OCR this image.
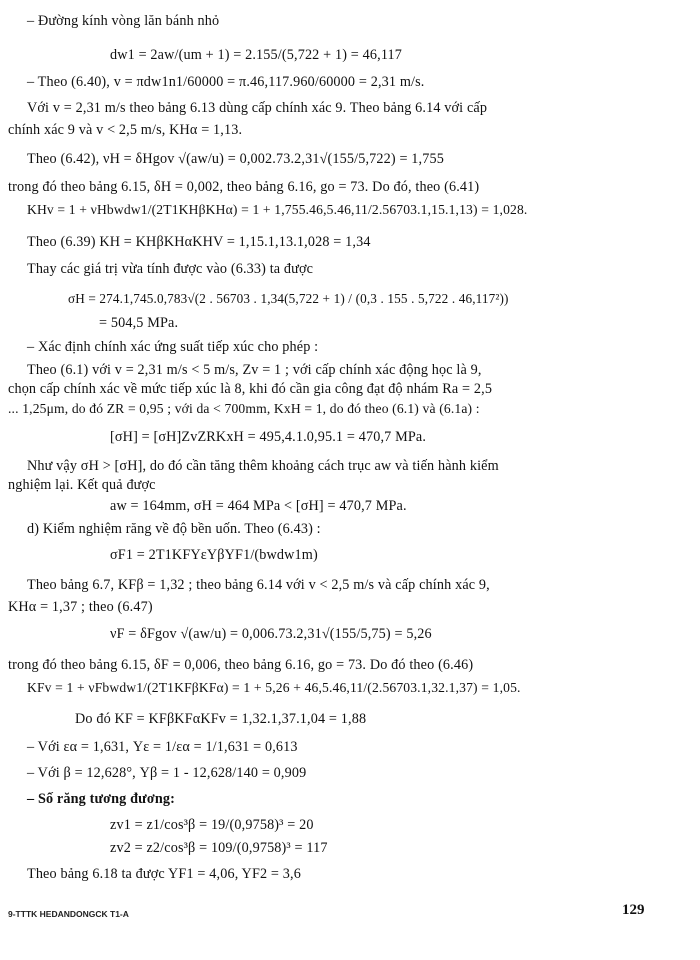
– Đường kính vòng lăn bánh nhỏ
dw1 = 2aw/(um + 1) = 2.155/(5,722 + 1) = 46,117
– Theo (6.40), v = πdw1n1/60000 = π.46,117.960/60000 = 2,31 m/s.
Với v = 2,31 m/s theo bảng 6.13 dùng cấp chính xác 9. Theo bảng 6.14 với cấp
chính xác 9 và v < 2,5 m/s, KHα = 1,13.
Theo (6.42), νH = δHgov √(aw/u) = 0,002.73.2,31√(155/5,722) = 1,755
trong đó theo bảng 6.15, δH = 0,002, theo bảng 6.16, go = 73. Do đó, theo (6.41)
KHv = 1 + νHbwdw1/(2T1KHβKHα) = 1 + 1,755.46,5.46,11/2.56703.1,15.1,13) = 1,028.
Theo (6.39) KH = KHβKHαKHV = 1,15.1,13.1,028 = 1,34
Thay các giá trị vừa tính được vào (6.33) ta được
σH = 274.1,745.0,783√(2 . 56703 . 1,34(5,722 + 1) / (0,3 . 155 . 5,722 . 46,117²))
= 504,5 MPa.
– Xác định chính xác ứng suất tiếp xúc cho phép :
Theo (6.1) với v = 2,31 m/s < 5 m/s, Zv = 1 ; với cấp chính xác động học là 9,
chọn cấp chính xác về mức tiếp xúc là 8, khi đó cần gia công đạt độ nhám Ra = 2,5
... 1,25μm, do đó ZR = 0,95 ; với da < 700mm, KxH = 1, do đó theo (6.1) và (6.1a) :
[σH] = [σH]ZvZRKxH = 495,4.1.0,95.1 = 470,7 MPa.
Như vậy σH > [σH], do đó cần tăng thêm khoảng cách trục aw và tiến hành kiểm
nghiệm lại. Kết quả được
aw = 164mm, σH = 464 MPa < [σH] = 470,7 MPa.
d) Kiểm nghiệm răng về độ bền uốn. Theo (6.43) :
σF1 = 2T1KFYεYβYF1/(bwdw1m)
Theo bảng 6.7, KFβ = 1,32 ; theo bảng 6.14 với v < 2,5 m/s và cấp chính xác 9,
KHα = 1,37 ; theo (6.47)
νF = δFgov √(aw/u) = 0,006.73.2,31√(155/5,75) = 5,26
trong đó theo bảng 6.15, δF = 0,006, theo bảng 6.16, go = 73. Do đó theo (6.46)
KFv = 1 + νFbwdw1/(2T1KFβKFα) = 1 + 5,26 + 46,5.46,11/(2.56703.1,32.1,37) = 1,05.
Do đó KF = KFβKFαKFv = 1,32.1,37.1,04 = 1,88
– Với εα = 1,631, Yε = 1/εα = 1/1,631 = 0,613
– Với β = 12,628°, Yβ = 1 - 12,628/140 = 0,909
– Số răng tương đương:
zv1 = z1/cos³β = 19/(0,9758)³ = 20
zv2 = z2/cos³β = 109/(0,9758)³ = 117
Theo bảng 6.18 ta được YF1 = 4,06, YF2 = 3,6
9-TTTK HEDANDONGCK T1-A	129
